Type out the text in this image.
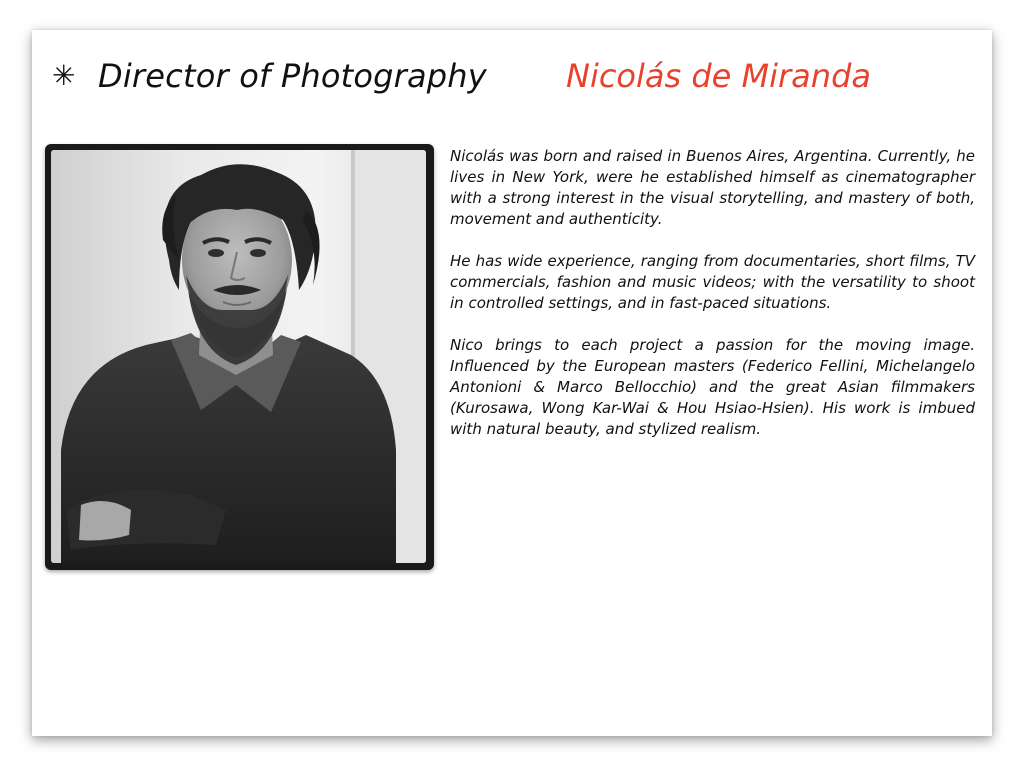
✳ Director of Photography Nicolás de Miranda

Nicolás was born and raised in Buenos Aires, Argentina. Currently, he lives in New York, were he established himself as cinematographer with a strong interest in the visual storytelling, and mastery of both, movement and authenticity.

He has wide experience, ranging from documentaries, short films, TV commercials, fashion and music videos; with the versatility to shoot in controlled settings, and in fast-paced situations.

Nico brings to each project a passion for the moving image. Influenced by the European masters (Federico Fellini, Michelangelo Antonioni & Marco Bellocchio) and the great Asian filmmakers (Kurosawa, Wong Kar-Wai & Hou Hsiao-Hsien). His work is imbued with natural beauty, and stylized realism.
